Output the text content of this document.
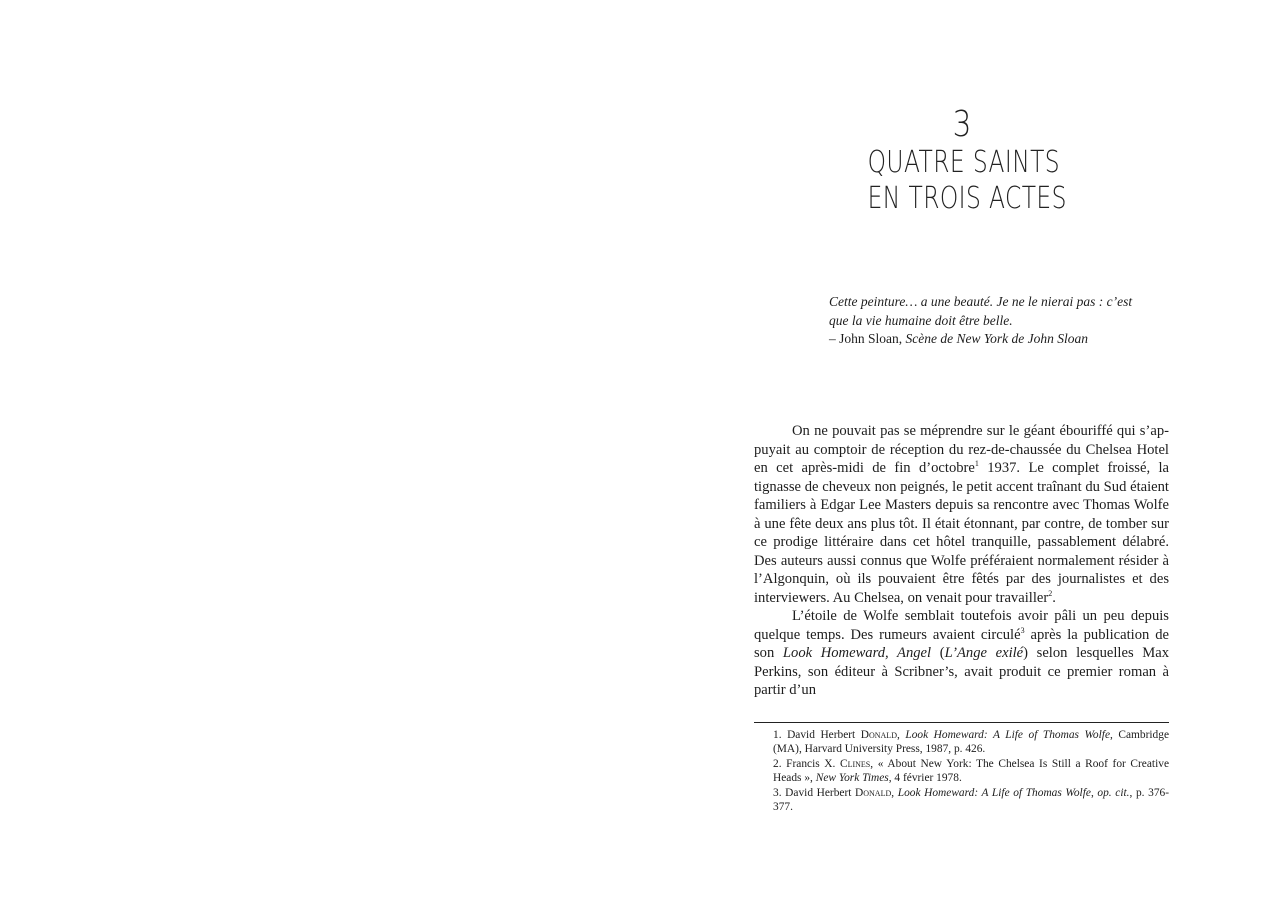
3
QUATRE SAINTS
EN TROIS ACTES
Cette peinture… a une beauté. Je ne le nierai pas : c’est
que la vie humaine doit être belle.
– John Sloan, Scène de New York de John Sloan

On ne pouvait pas se méprendre sur le géant ébouriffé qui s’appuyait au comptoir de réception du rez-de-chaussée du Chelsea Hotel en cet après-midi de fin d’octobre$^1$ 1937. Le complet froissé, la tignasse de cheveux non peignés, le petit accent traînant du Sud étaient familiers à Edgar Lee Masters depuis sa rencontre avec Thomas Wolfe à une fête deux ans plus tôt. Il était étonnant, par contre, de tomber sur ce prodige littéraire dans cet hôtel tranquille, passablement délabré. Des auteurs aussi connus que Wolfe préféraient normalement résider à l’Algonquin, où ils pouvaient être fêtés par des journalistes et des interviewers. Au Chelsea, on venait pour travailler$^2$.

L’étoile de Wolfe semblait toutefois avoir pâli un peu depuis quelque temps. Des rumeurs avaient circulé$^3$ après la publication de son Look Homeward, Angel (L’Ange exilé) selon lesquelles Max Perkins, son éditeur à Scribner’s, avait produit ce premier roman à partir d’un

1. David Herbert Donald, Look Homeward: A Life of Thomas Wolfe, Cambridge (MA), Harvard University Press, 1987, p. 426.

2. Francis X. Clines, « About New York: The Chelsea Is Still a Roof for Creative Heads », New York Times, 4 février 1978.

3. David Herbert Donald, Look Homeward: A Life of Thomas Wolfe, op. cit., p. 376-377.
